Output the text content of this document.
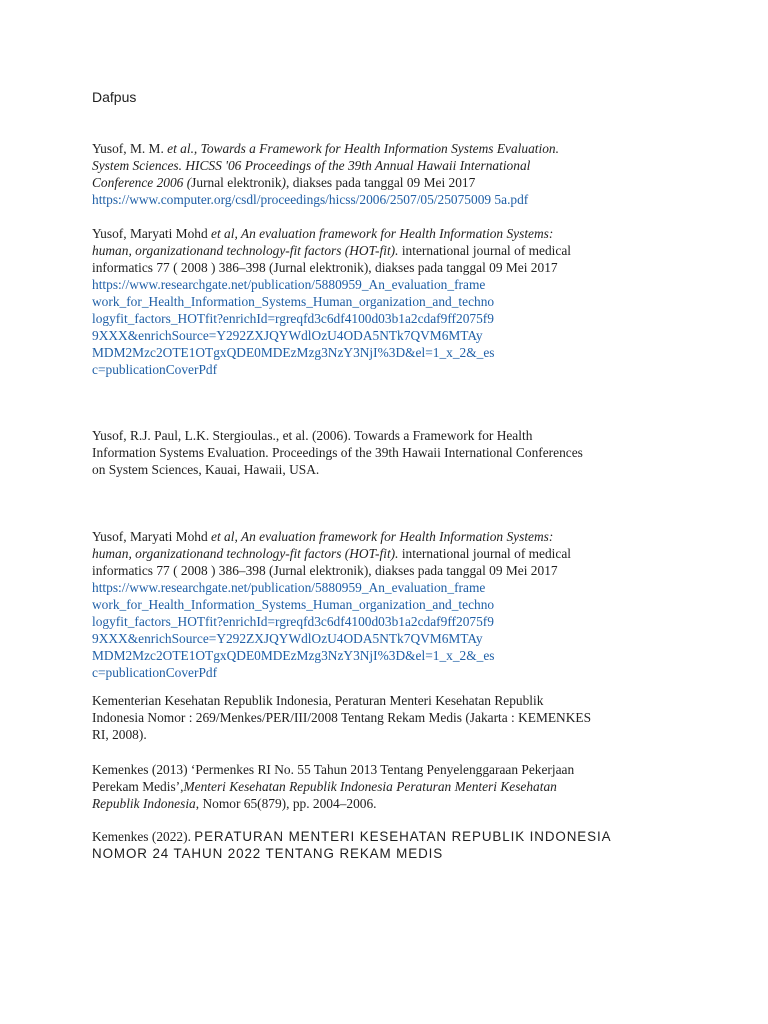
Dafpus
Yusof, M. M. et al., Towards a Framework for Health Information Systems Evaluation.
System Sciences. HICSS '06 Proceedings of the 39th Annual Hawaii International
Conference 2006 (Jurnal elektronik), diakses pada tanggal 09 Mei 2017
https://www.computer.org/csdl/proceedings/hicss/2006/2507/05/25075009 5a.pdf
Yusof, Maryati Mohd et al, An evaluation framework for Health Information Systems:
human, organizationand technology-fit factors (HOT-fit). international journal of medical
informatics 77 ( 2008 ) 386–398 (Jurnal elektronik), diakses pada tanggal 09 Mei 2017
https://www.researchgate.net/publication/5880959_An_evaluation_frame
work_for_Health_Information_Systems_Human_organization_and_techno
logyfit_factors_HOTfit?enrichId=rgreqfd3c6df4100d03b1a2cdaf9ff2075f9
9XXX&enrichSource=Y292ZXJQYWdlOzU4ODA5NTk7QVM6MTAy
MDM2Mzc2OTE1OTgxQDE0MDEzMzg3NzY3NjI%3D&el=1_x_2&_es
c=publicationCoverPdf
Yusof, R.J. Paul, L.K. Stergioulas., et al. (2006). Towards a Framework for Health
Information Systems Evaluation. Proceedings of the 39th Hawaii International Conferences
on System Sciences, Kauai, Hawaii, USA.
Yusof, Maryati Mohd et al, An evaluation framework for Health Information Systems:
human, organizationand technology-fit factors (HOT-fit). international journal of medical
informatics 77 ( 2008 ) 386–398 (Jurnal elektronik), diakses pada tanggal 09 Mei 2017
https://www.researchgate.net/publication/5880959_An_evaluation_frame
work_for_Health_Information_Systems_Human_organization_and_techno
logyfit_factors_HOTfit?enrichId=rgreqfd3c6df4100d03b1a2cdaf9ff2075f9
9XXX&enrichSource=Y292ZXJQYWdlOzU4ODA5NTk7QVM6MTAy
MDM2Mzc2OTE1OTgxQDE0MDEzMzg3NzY3NjI%3D&el=1_x_2&_es
c=publicationCoverPdf
Kementerian Kesehatan Republik Indonesia, Peraturan Menteri Kesehatan Republik
Indonesia Nomor : 269/Menkes/PER/III/2008 Tentang Rekam Medis (Jakarta : KEMENKES
RI, 2008).
Kemenkes (2013) ‘Permenkes RI No. 55 Tahun 2013 Tentang Penyelenggaraan Pekerjaan
Perekam Medis’,Menteri Kesehatan Republik Indonesia Peraturan Menteri Kesehatan
Republik Indonesia, Nomor 65(879), pp. 2004–2006.
Kemenkes (2022). PERATURAN MENTERI KESEHATAN REPUBLIK INDONESIA
NOMOR 24 TAHUN 2022 TENTANG REKAM MEDIS
